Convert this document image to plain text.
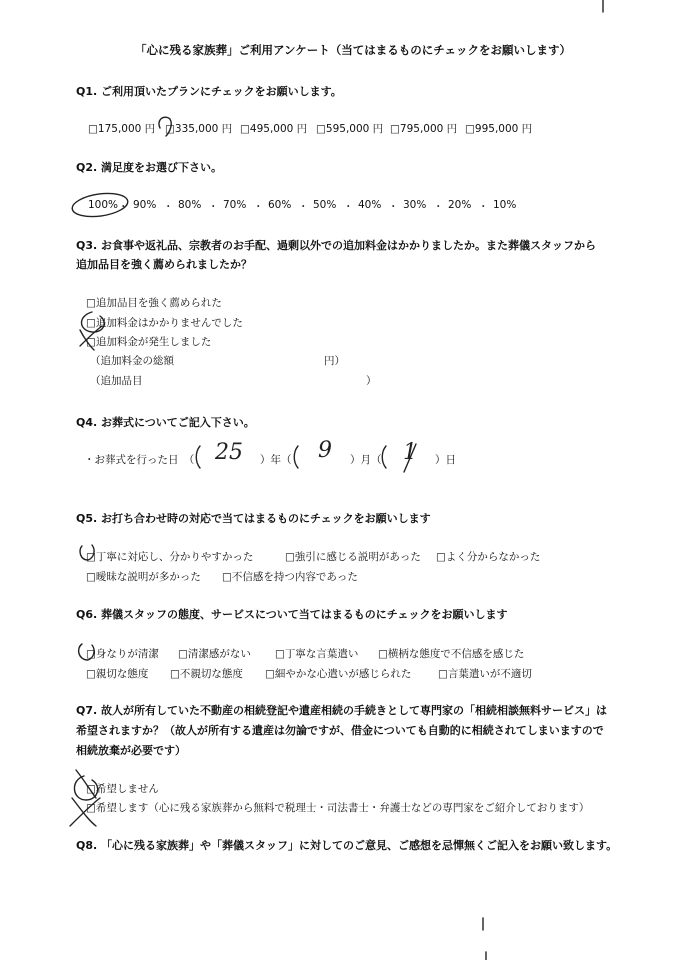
「心に残る家族葬」ご利用アンケート（当てはまるものにチェックをお願いします）
Q1. ご利用頂いたプランにチェックをお願いします。
□175,000 円 □335,000 円 □495,000 円 □595,000 円 □795,000 円 □995,000 円
Q2. 満足度をお選び下さい。
100% ・ 90% ・ 80% ・ 70% ・ 60% ・ 50% ・ 40% ・ 30% ・ 20% ・ 10%
Q3. お食事や返礼品、宗教者のお手配、過剰以外での追加料金はかかりましたか。また葬儀スタッフから
追加品目を強く薦められましたか？
□追加品目を強く薦められた
□追加料金はかかりませんでした
□追加料金が発生しました
（追加料金の総額	円）
（追加品目	）
Q4. お葬式についてご記入下さい。
・お葬式を行った日　（ 25 ）年（ 9 ）月（ 1 ）日
Q5. お打ち合わせ時の対応で当てはまるものにチェックをお願いします
□丁寧に対応し、分かりやすかった	□強引に感じる説明があった □よく分からなかった
□曖昧な説明が多かった □不信感を持つ内容であった
Q6. 葬儀スタッフの態度、サービスについて当てはまるものにチェックをお願いします
□身なりが清潔 □清潔感がない □丁寧な言葉遣い □横柄な態度で不信感を感じた
□親切な態度 □不親切な態度 □細やかな心遣いが感じられた	□言葉遣いが不適切
Q7. 故人が所有していた不動産の相続登記や遺産相続の手続きとして専門家の「相続相談無料サービス」は
希望されますか？（故人が所有する遺産は勿論ですが、借金についても自動的に相続されてしまいますので
相続放棄が必要です）
□希望しません
□希望します（心に残る家族葬から無料で税理士・司法書士・弁護士などの専門家をご紹介しております）
Q8. 「心に残る家族葬」や「葬儀スタッフ」に対してのご意見、ご感想を忌憚無くご記入をお願い致します。
